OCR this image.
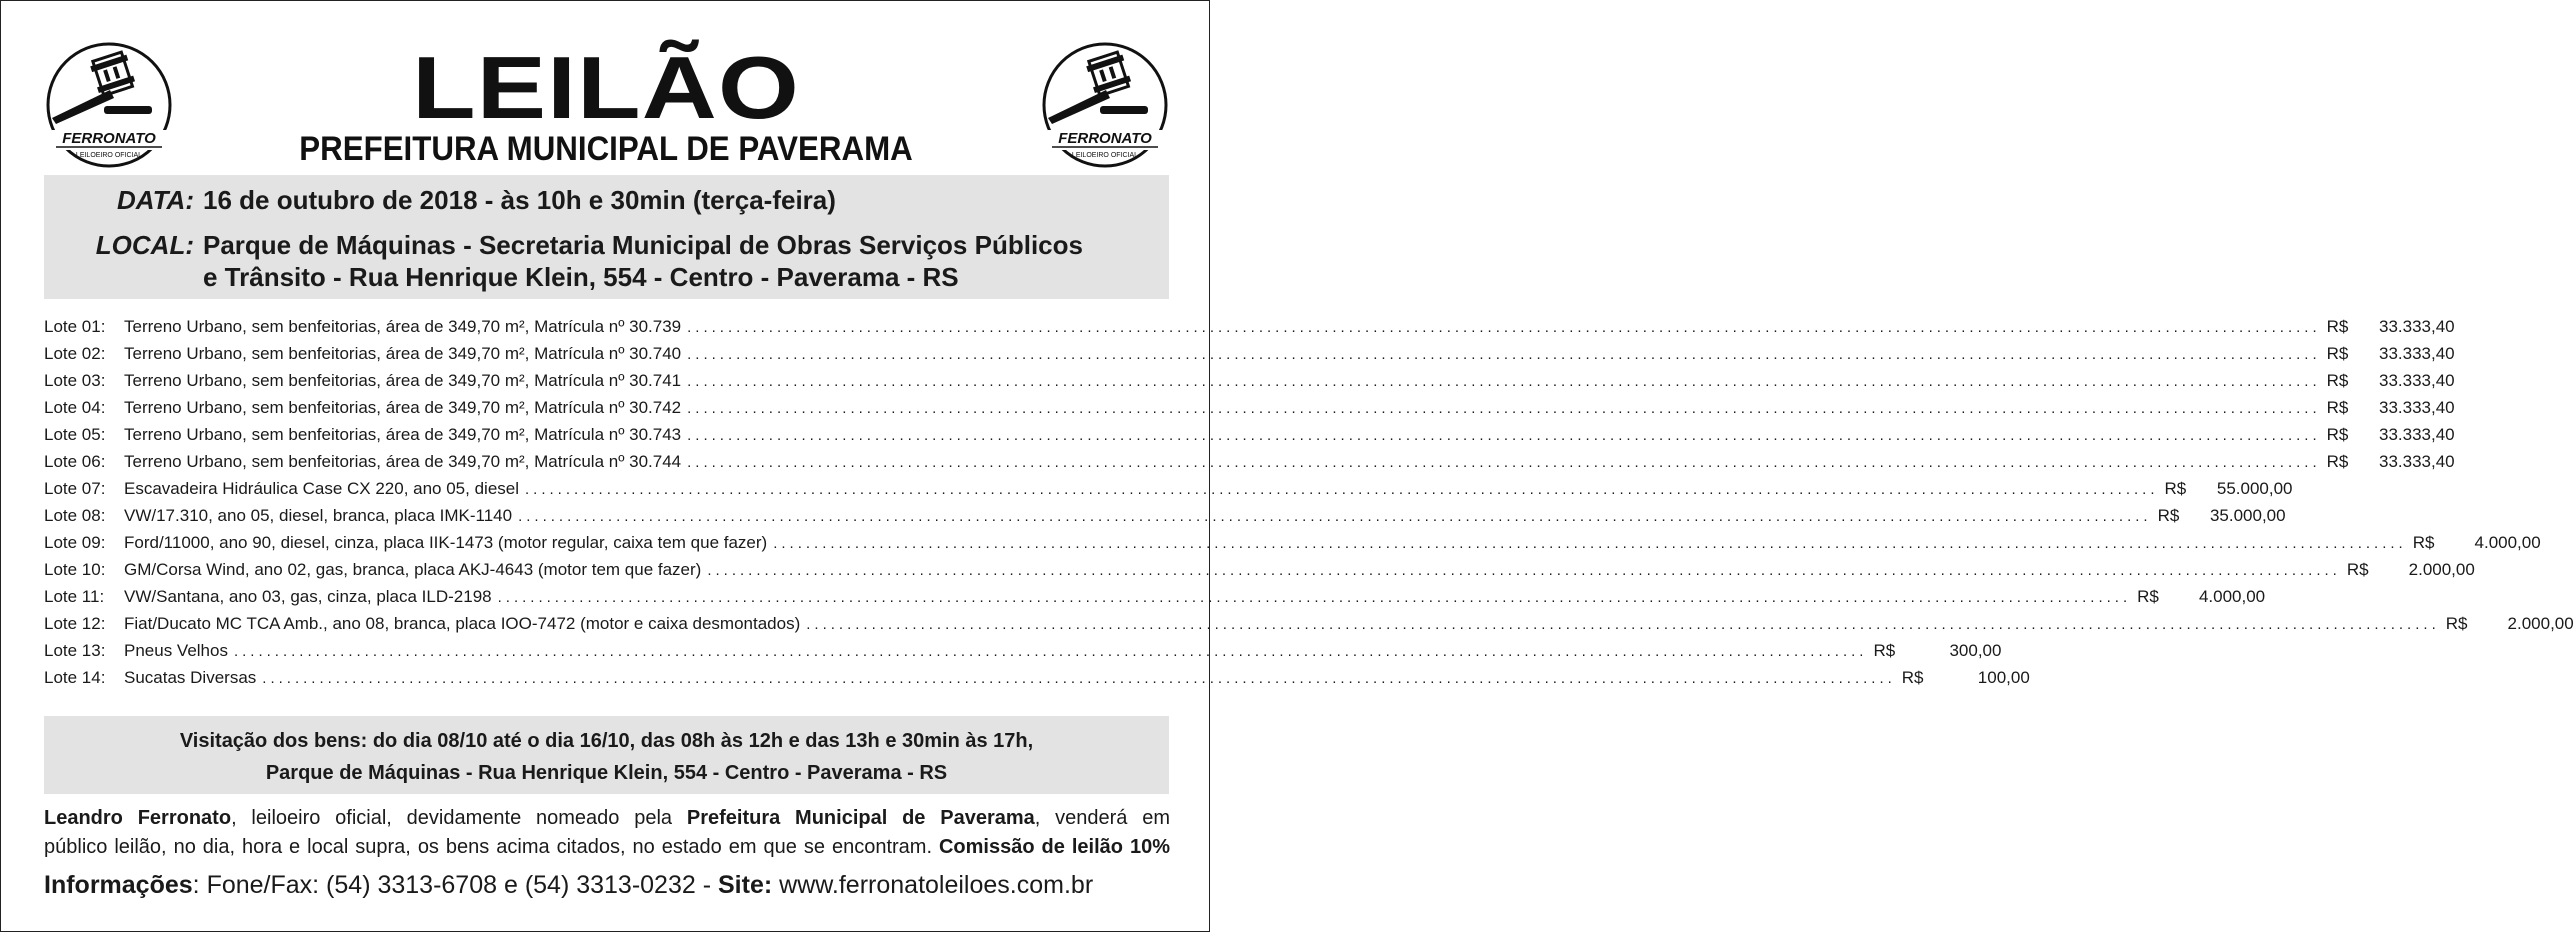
FERRONATO
LEILOEIRO OFICIAL
FERRONATO
LEILOEIRO OFICIAL
LEILÃO
PREFEITURA MUNICIPAL DE PAVERAMA
DATA: 16 de outubro de 2018 - às 10h e 30min (terça-feira)
LOCAL: Parque de Máquinas - Secretaria Municipal de Obras Serviços Públicos
e Trânsito - Rua Henrique Klein, 554 - Centro - Paverama - RS
Lote 01:	Terreno Urbano, sem benfeitorias, área de 349,70 m², Matrícula nº 30.739 ........................................................................................................................................................................................................ R$	33.333,40
Lote 02:	Terreno Urbano, sem benfeitorias, área de 349,70 m², Matrícula nº 30.740 ........................................................................................................................................................................................................ R$	33.333,40
Lote 03:	Terreno Urbano, sem benfeitorias, área de 349,70 m², Matrícula nº 30.741 ........................................................................................................................................................................................................ R$	33.333,40
Lote 04:	Terreno Urbano, sem benfeitorias, área de 349,70 m², Matrícula nº 30.742 ........................................................................................................................................................................................................ R$	33.333,40
Lote 05:	Terreno Urbano, sem benfeitorias, área de 349,70 m², Matrícula nº 30.743 ........................................................................................................................................................................................................ R$	33.333,40
Lote 06:	Terreno Urbano, sem benfeitorias, área de 349,70 m², Matrícula nº 30.744 ........................................................................................................................................................................................................ R$	33.333,40
Lote 07:	Escavadeira Hidráulica Case CX 220, ano 05, diesel ........................................................................................................................................................................................................ R$	55.000,00
Lote 08:	VW/17.310, ano 05, diesel, branca, placa IMK-1140 ........................................................................................................................................................................................................ R$	35.000,00
Lote 09:	Ford/11000, ano 90, diesel, cinza, placa IIK-1473 (motor regular, caixa tem que fazer) ........................................................................................................................................................................................................ R$	4.000,00
Lote 10:	GM/Corsa Wind, ano 02, gas, branca, placa AKJ-4643 (motor tem que fazer) ........................................................................................................................................................................................................ R$	2.000,00
Lote 11:	VW/Santana, ano 03, gas, cinza, placa ILD-2198 ........................................................................................................................................................................................................ R$	4.000,00
Lote 12:	Fiat/Ducato MC TCA Amb., ano 08, branca, placa IOO-7472 (motor e caixa desmontados) ........................................................................................................................................................................................................ R$	2.000,00
Lote 13:	Pneus Velhos ........................................................................................................................................................................................................ R$	300,00
Lote 14:	Sucatas Diversas ........................................................................................................................................................................................................ R$	100,00
Visitação dos bens: do dia 08/10 até o dia 16/10, das 08h às 12h e das 13h e 30min às 17h,
Parque de Máquinas - Rua Henrique Klein, 554 - Centro - Paverama - RS
Leandro Ferronato, leiloeiro oficial, devidamente nomeado pela Prefeitura Municipal de Paverama, venderá em
público leilão, no dia, hora e local supra, os bens acima citados, no estado em que se encontram. Comissão de leilão 10%
Informações: Fone/Fax: (54) 3313-6708 e (54) 3313-0232 - Site: www.ferronatoleiloes.com.br
